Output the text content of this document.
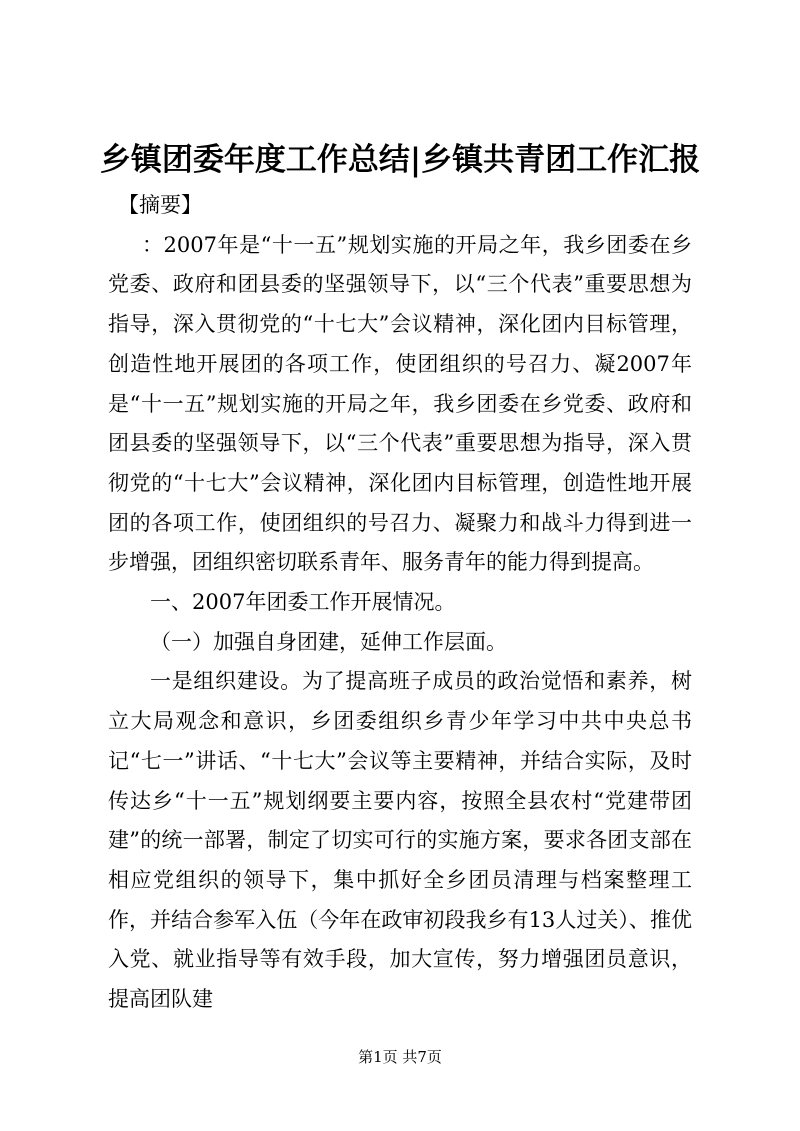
乡镇团委年度工作总结|乡镇共青团工作汇报

【摘要】

：2007年是“十一五”规划实施的开局之年，我乡团委在乡党委、政府和团县委的坚强领导下，以“三个代表”重要思想为指导，深入贯彻党的“十七大”会议精神，深化团内目标管理，创造性地开展团的各项工作，使团组织的号召力、凝2007年是“十一五”规划实施的开局之年，我乡团委在乡党委、政府和团县委的坚强领导下，以“三个代表”重要思想为指导，深入贯彻党的“十七大”会议精神，深化团内目标管理，创造性地开展团的各项工作，使团组织的号召力、凝聚力和战斗力得到进一步增强，团组织密切联系青年、服务青年的能力得到提高。

一、2007年团委工作开展情况。

（一）加强自身团建，延伸工作层面。

一是组织建设。为了提高班子成员的政治觉悟和素养，树立大局观念和意识，乡团委组织乡青少年学习中共中央总书记“七一”讲话、“十七大”会议等主要精神，并结合实际，及时传达乡“十一五”规划纲要主要内容，按照全县农村“党建带团建”的统一部署，制定了切实可行的实施方案，要求各团支部在相应党组织的领导下，集中抓好全乡团员清理与档案整理工作，并结合参军入伍（今年在政审初段我乡有13人过关）、推优入党、就业指导等有效手段，加大宣传，努力增强团员意识，提高团队建

第1页 共7页
